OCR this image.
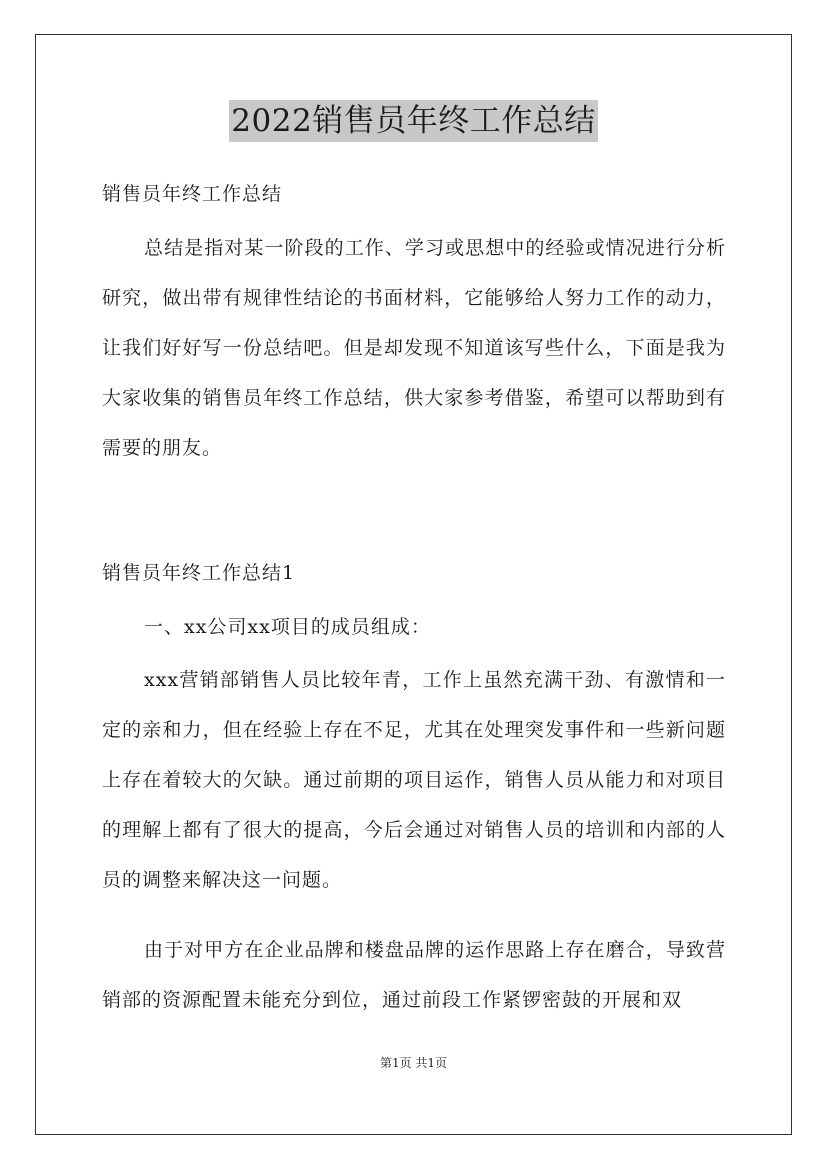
2022销售员年终工作总结
销售员年终工作总结
总结是指对某一阶段的工作、学习或思想中的经验或情况进行分析研究，做出带有规律性结论的书面材料，它能够给人努力工作的动力，让我们好好写一份总结吧。但是却发现不知道该写些什么，下面是我为大家收集的销售员年终工作总结，供大家参考借鉴，希望可以帮助到有需要的朋友。
销售员年终工作总结1
一、xx公司xx项目的成员组成：
xxx营销部销售人员比较年青，工作上虽然充满干劲、有激情和一定的亲和力，但在经验上存在不足，尤其在处理突发事件和一些新问题上存在着较大的欠缺。通过前期的项目运作，销售人员从能力和对项目的理解上都有了很大的提高，今后会通过对销售人员的培训和内部的人员的调整来解决这一问题。
由于对甲方在企业品牌和楼盘品牌的运作思路上存在磨合，导致营销部的资源配置未能充分到位，通过前段工作紧锣密鼓的开展和双
第1页 共1页
